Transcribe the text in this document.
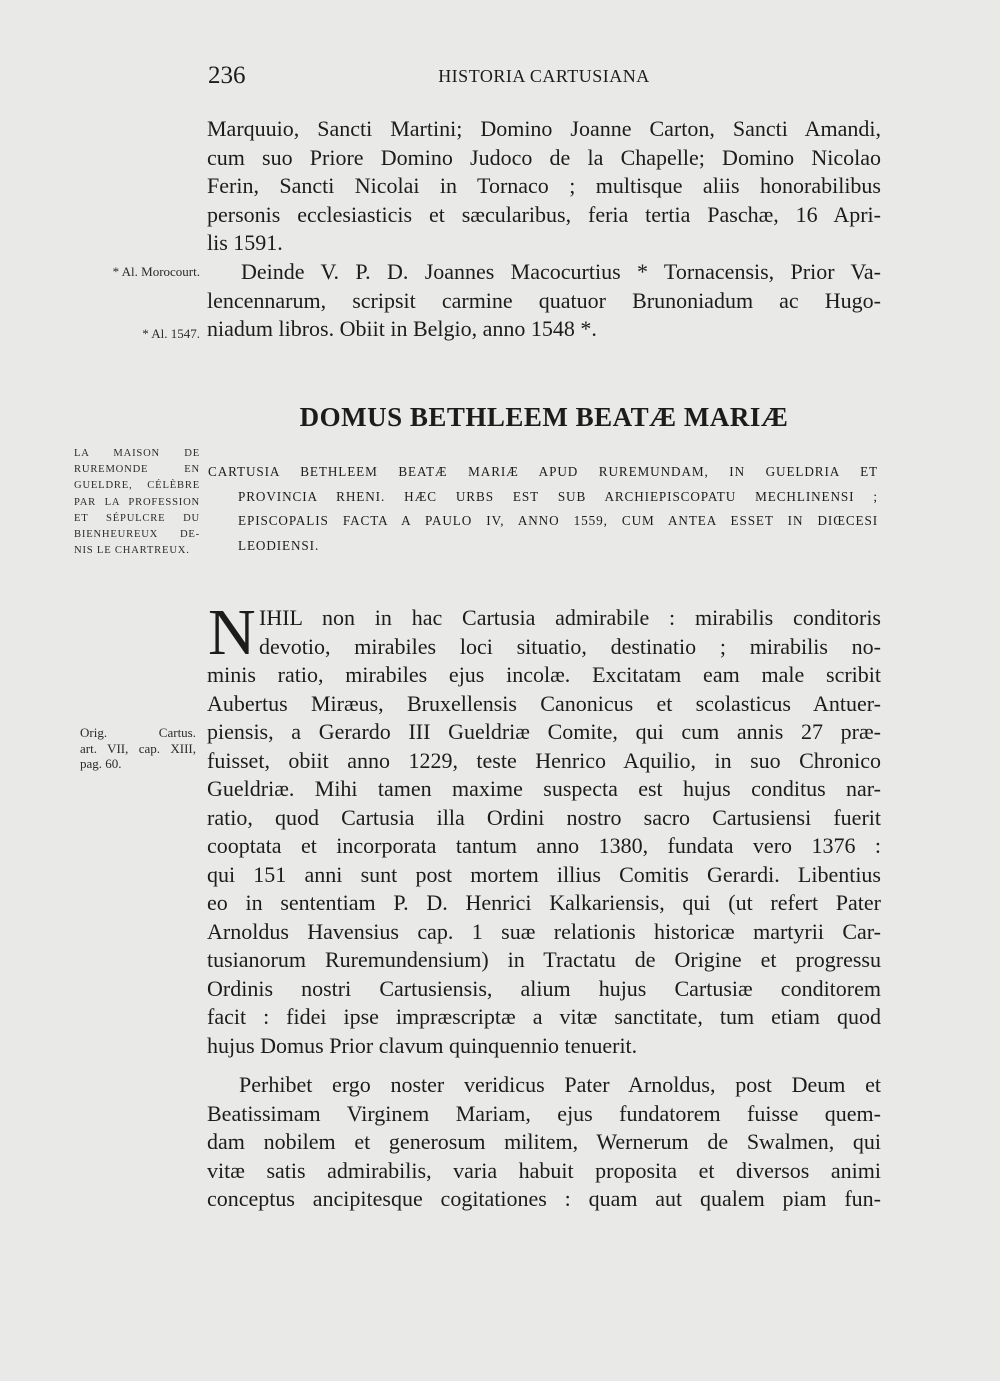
236	HISTORIA CARTUSIANA
* Al. Morocourt.
* Al. 1547.
LA MAISON DE
RUREMONDE EN
GUELDRE, CÉLÈBRE
PAR LA PROFESSION
ET SÉPULCRE DU
BIENHEUREUX DE-
NIS LE CHARTREUX.
Orig. Cartus.
art. VII, cap. XIII,
pag. 60.

Marquuio, Sancti Martini; Domino Joanne Carton, Sancti Amandi,
cum suo Priore Domino Judoco de la Chapelle; Domino Nicolao
Ferin, Sancti Nicolai in Tornaco ; multisque aliis honorabilibus
personis ecclesiasticis et sæcularibus, feria tertia Paschæ, 16 Apri-
lis 1591.

Deinde V. P. D. Joannes Macocurtius * Tornacensis, Prior Va-
lencennarum, scripsit carmine quatuor Brunoniadum ac Hugo-
niadum libros. Obiit in Belgio, anno 1548 *.

DOMUS BETHLEEM BEATÆ MARIÆ
CARTUSIA BETHLEEM BEATÆ MARIÆ APUD RUREMUNDAM, IN GUELDRIA ET
PROVINCIA RHENI. HÆC URBS EST SUB ARCHIEPISCOPATU MECHLINENSI ;
EPISCOPALIS FACTA A PAULO IV, ANNO 1559, CUM ANTEA ESSET IN DIŒCESI
LEODIENSI.
N IHIL non in hac Cartusia admirabile : mirabilis conditoris
devotio, mirabiles loci situatio, destinatio ; mirabilis no-
minis ratio, mirabiles ejus incolæ. Excitatam eam male scribit
Aubertus Miræus, Bruxellensis Canonicus et scolasticus Antuer-
piensis, a Gerardo III Gueldriæ Comite, qui cum annis 27 præ-
fuisset, obiit anno 1229, teste Henrico Aquilio, in suo Chronico
Gueldriæ. Mihi tamen maxime suspecta est hujus conditus nar-
ratio, quod Cartusia illa Ordini nostro sacro Cartusiensi fuerit
cooptata et incorporata tantum anno 1380, fundata vero 1376 :
qui 151 anni sunt post mortem illius Comitis Gerardi. Libentius
eo in sententiam P. D. Henrici Kalkariensis, qui (ut refert Pater
Arnoldus Havensius cap. 1 suæ relationis historicæ martyrii Car-
tusianorum Ruremundensium) in Tractatu de Origine et progressu
Ordinis nostri Cartusiensis, alium hujus Cartusiæ conditorem
facit : fidei ipse impræscriptæ a vitæ sanctitate, tum etiam quod
hujus Domus Prior clavum quinquennio tenuerit.

Perhibet ergo noster veridicus Pater Arnoldus, post Deum et
Beatissimam Virginem Mariam, ejus fundatorem fuisse quem-
dam nobilem et generosum militem, Wernerum de Swalmen, qui
vitæ satis admirabilis, varia habuit proposita et diversos animi
conceptus ancipitesque cogitationes : quam aut qualem piam fun-
